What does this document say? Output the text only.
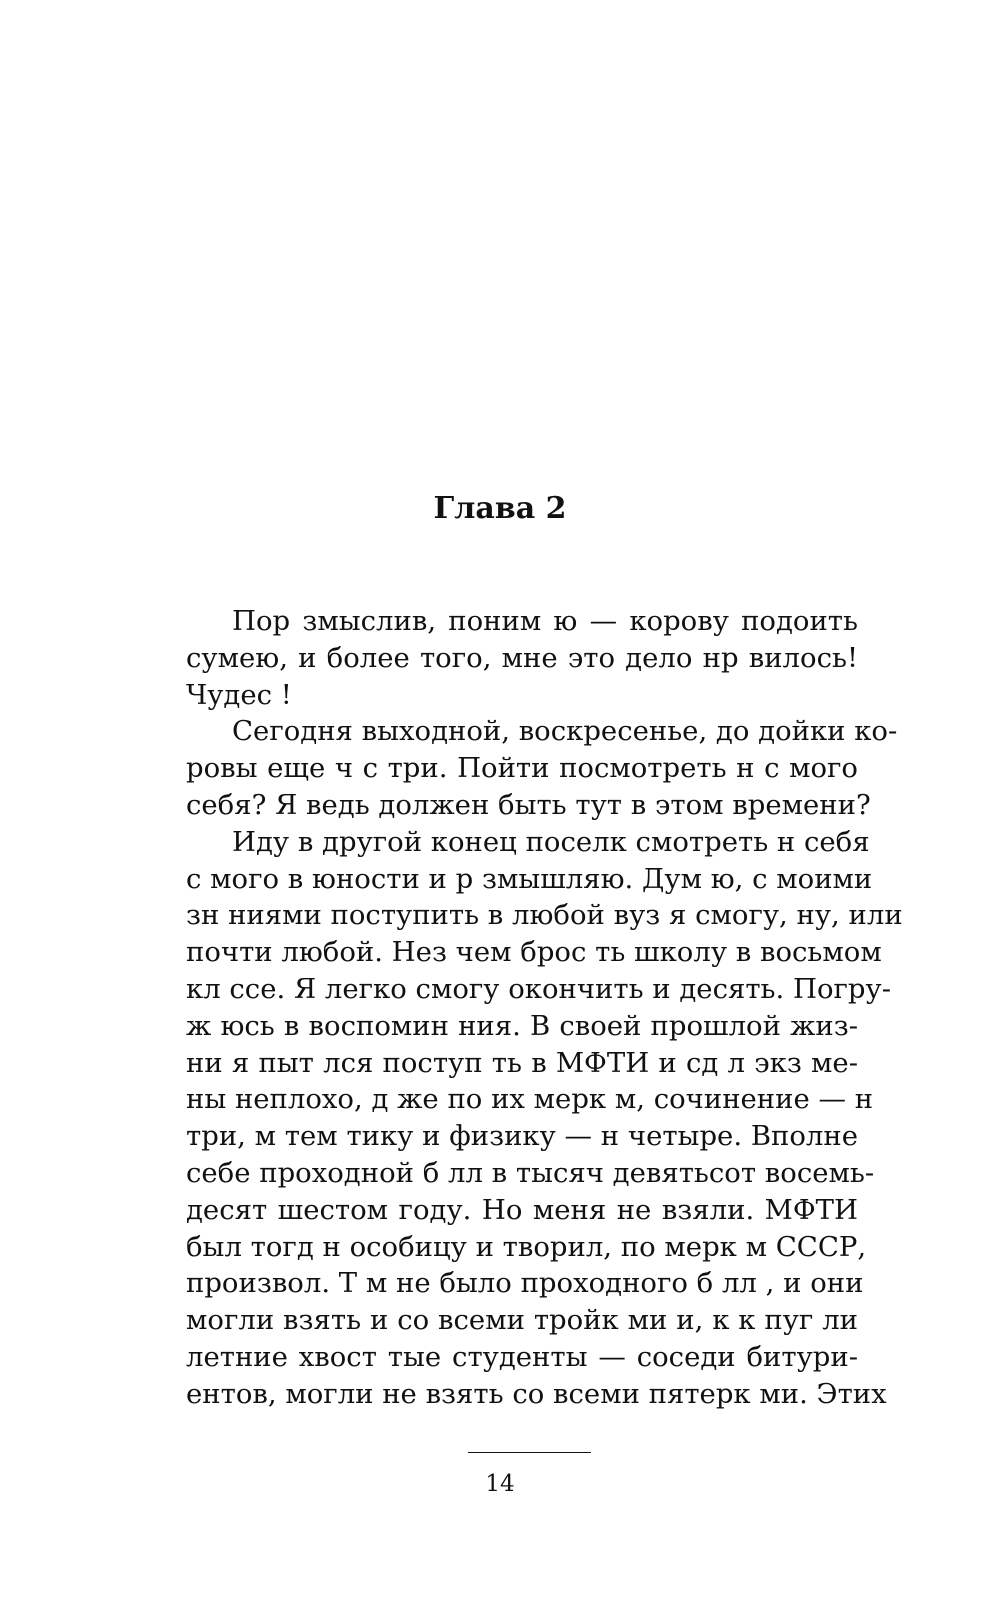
Глава 2
Пор змыслив, поним ю — корову подоить
сумею, и более того, мне это дело нр вилось!
Чудес !
Сегодня выходной, воскресенье, до дойки ко-
ровы еще ч с три. Пойти посмотреть н с мого
себя? Я ведь должен быть тут в этом времени?
Иду в другой конец поселк смотреть н себя
с мого в юности и р змышляю. Дум ю, с моими
зн ниями поступить в любой вуз я смогу, ну, или
почти любой. Нез чем брос ть школу в восьмом
кл ссе. Я легко смогу окончить и десять. Погру-
ж юсь в воспомин ния. В своей прошлой жиз-
ни я пыт лся поступ ть в МФТИ и сд л экз ме-
ны неплохо, д же по их мерк м, сочинение — н
три, м тем тику и физику — н четыре. Вполне
себе проходной б лл в тысяч девятьсот восемь-
десят шестом году. Но меня не взяли. МФТИ
был тогд н особицу и творил, по мерк м СССР,
произвол. Т м не было проходного б лл , и они
могли взять и со всеми тройк ми и, к к пуг ли
летние хвост тые студенты — соседи битури-
ентов, могли не взять со всеми пятерк ми. Этих
14
